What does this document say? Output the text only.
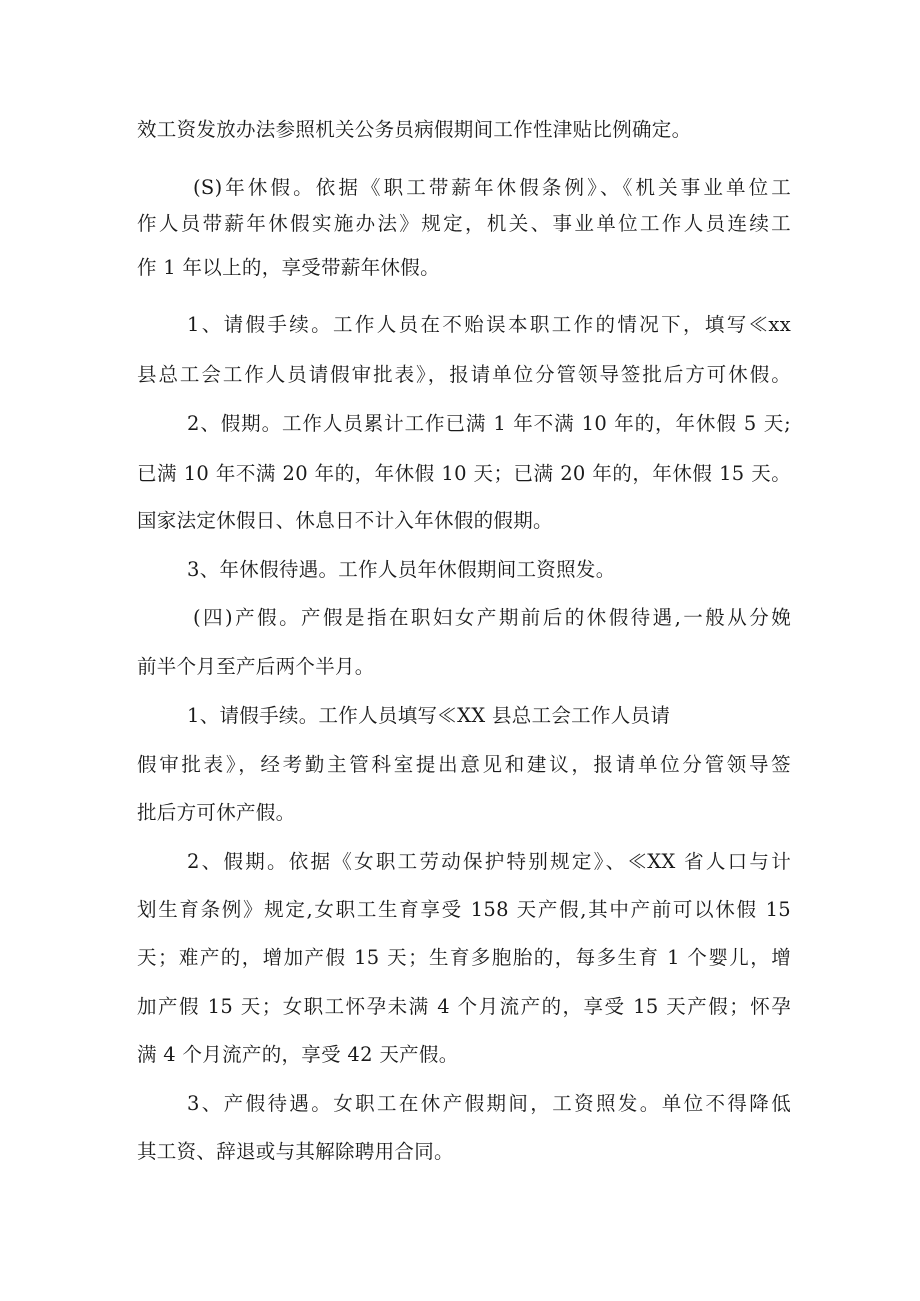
效工资发放办法参照机关公务员病假期间工作性津贴比例确定。
(S)年休假。依据《职工带薪年休假条例》、《机关事业单位工
作人员带薪年休假实施办法》规定，机关、事业单位工作人员连续工
作 1 年以上的，享受带薪年休假。
1、请假手续。工作人员在不贻误本职工作的情况下，填写≪xx
县总工会工作人员请假审批表》，报请单位分管领导签批后方可休假。
2、假期。工作人员累计工作已满 1 年不满 10 年的，年休假 5 天;
已满 10 年不满 20 年的，年休假 10 天；已满 20 年的，年休假 15 天。
国家法定休假日、休息日不计入年休假的假期。
3、年休假待遇。工作人员年休假期间工资照发。
(四)产假。产假是指在职妇女产期前后的休假待遇,一般从分娩
前半个月至产后两个半月。
1、请假手续。工作人员填写≪XX 县总工会工作人员请
假审批表》，经考勤主管科室提出意见和建议，报请单位分管领导签
批后方可休产假。
2、假期。依据《女职工劳动保护特别规定》、≪XX 省人口与计
划生育条例》规定,女职工生育享受 158 天产假,其中产前可以休假 15
天；难产的，增加产假 15 天；生育多胞胎的，每多生育 1 个婴儿，增
加产假 15 天；女职工怀孕未满 4 个月流产的，享受 15 天产假；怀孕
满 4 个月流产的，享受 42 天产假。
3、产假待遇。女职工在休产假期间，工资照发。单位不得降低
其工资、辞退或与其解除聘用合同。
